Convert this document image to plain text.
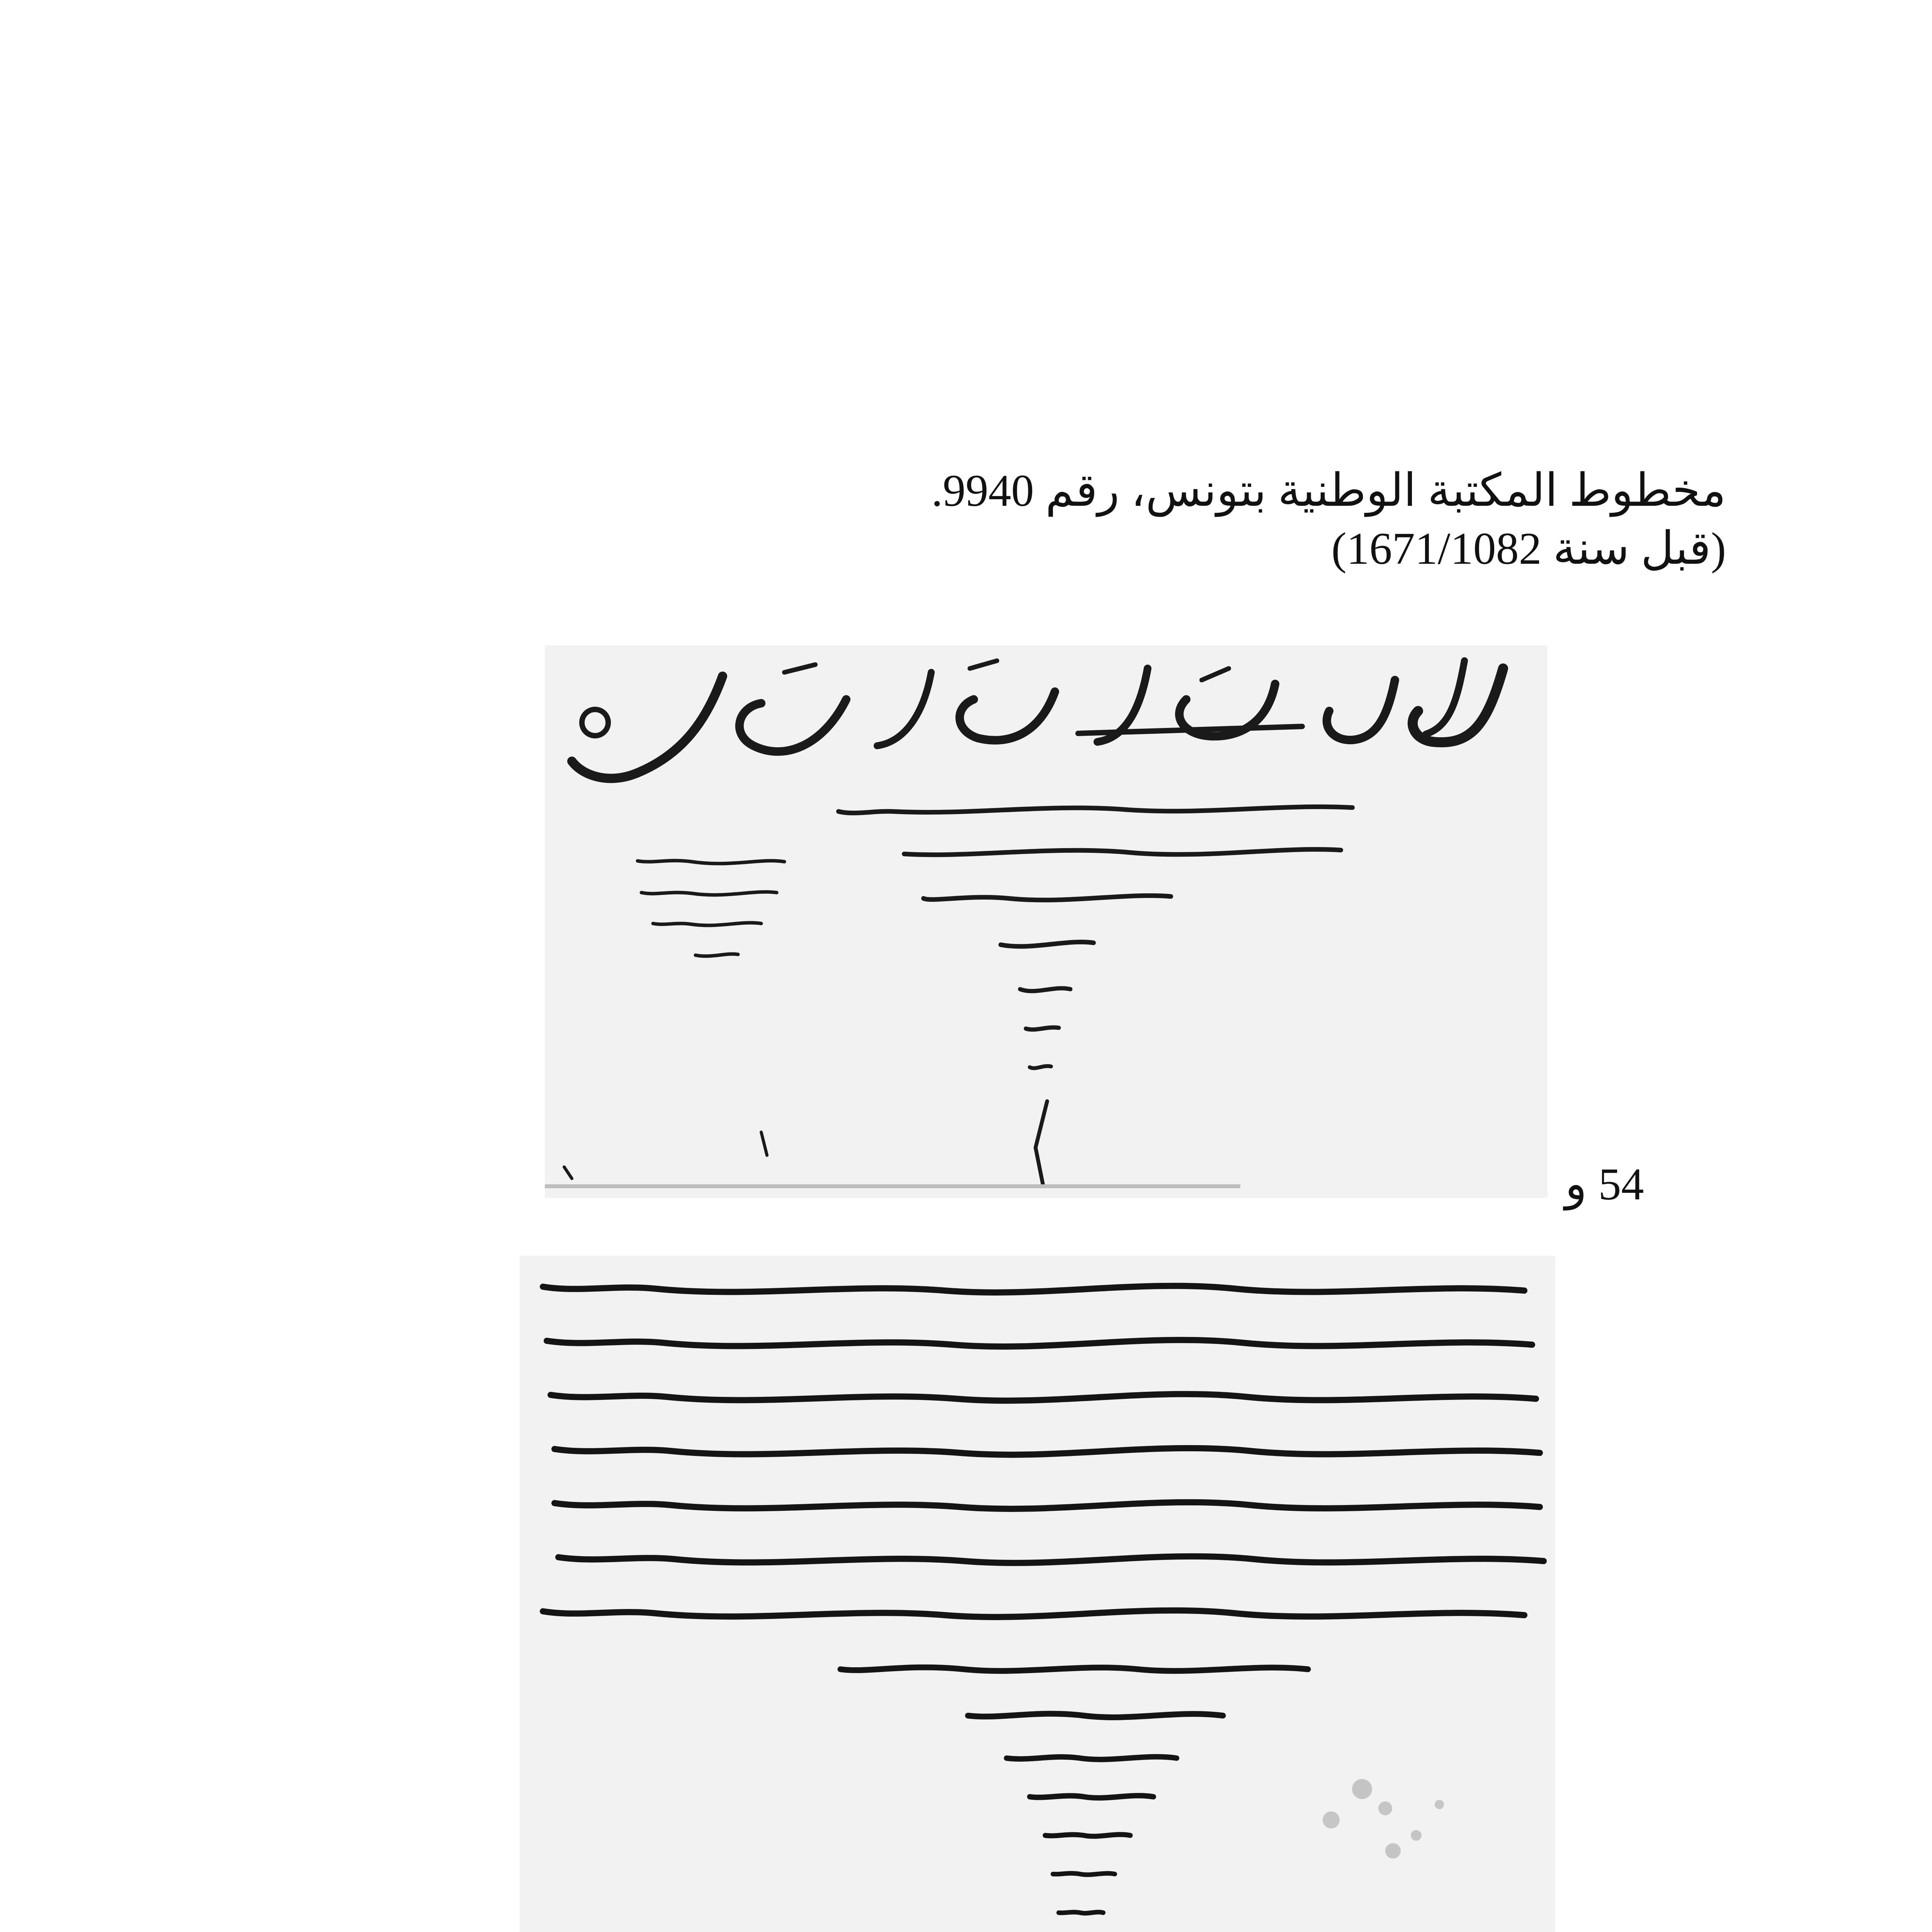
مخطوط المكتبة الوطنية بتونس، رقم 9940.
(قبل سنة 1671/1082)
54 و
